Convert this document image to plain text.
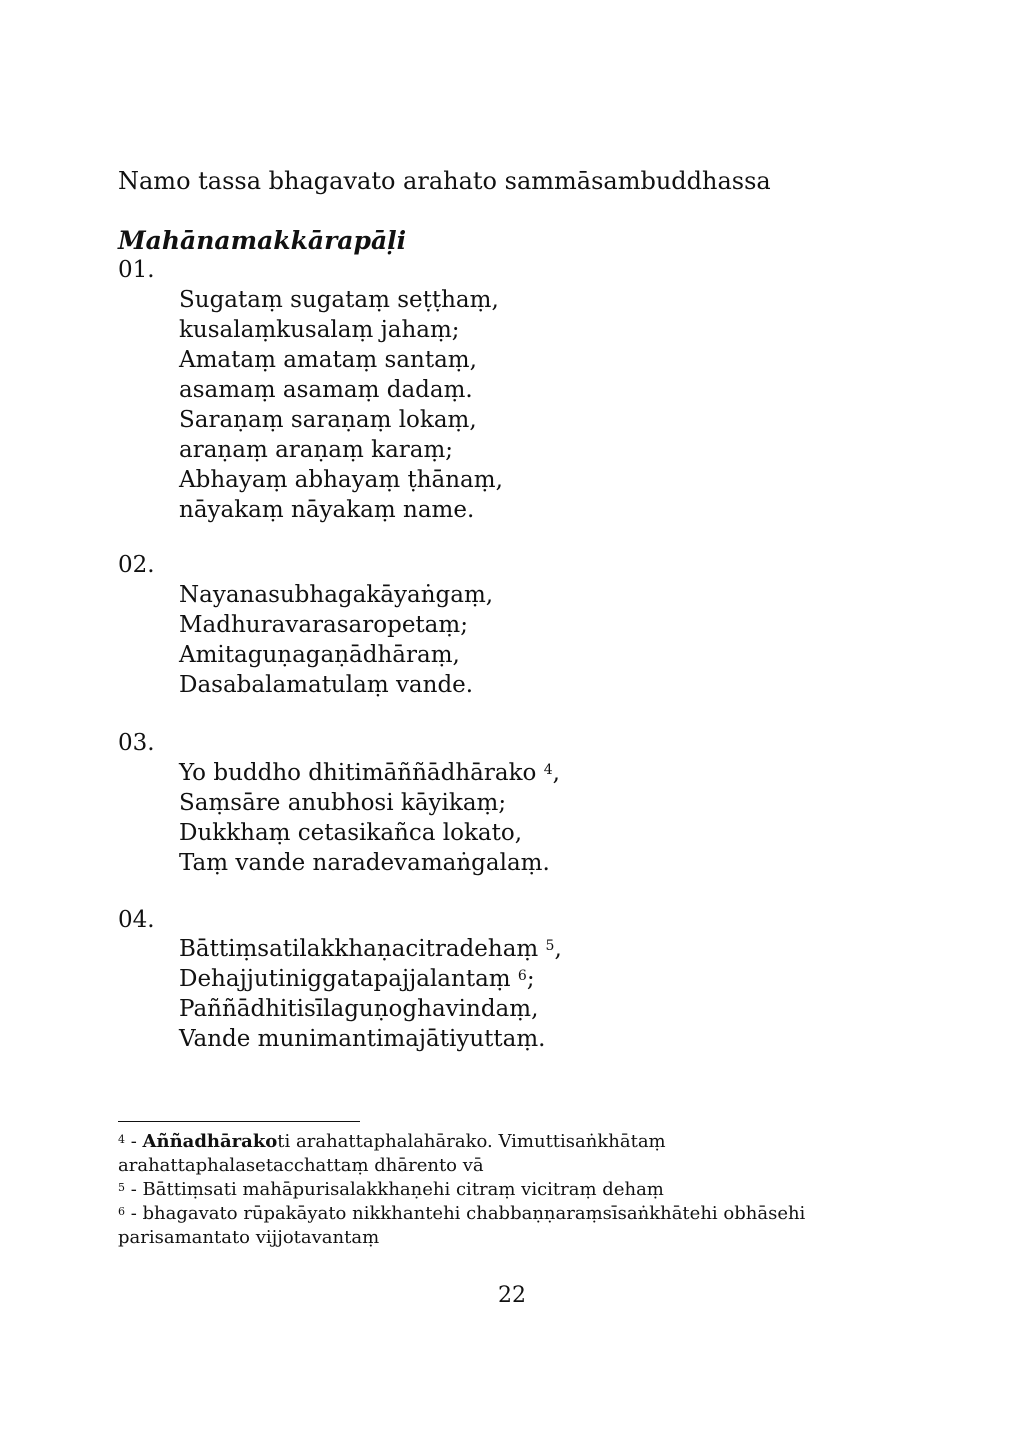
Namo tassa bhagavato arahato sammāsambuddhassa
Mahānamakkārapāḷi
01.
Sugataṃ sugataṃ seṭṭhaṃ,
kusalaṃkusalaṃ jahaṃ;
Amataṃ amataṃ santaṃ,
asamaṃ asamaṃ dadaṃ.
Saraṇaṃ saraṇaṃ lokaṃ,
araṇaṃ araṇaṃ karaṃ;
Abhayaṃ abhayaṃ ṭhānaṃ,
nāyakaṃ nāyakaṃ name.
02.
Nayanasubhagakāyaṅgaṃ,
Madhuravarasaropetaṃ;
Amitaguṇagaṇādhāraṃ,
Dasabalamatulaṃ vande.
03.
Yo buddho dhitimāññādhārako $^4$,
Saṃsāre anubhosi kāyikaṃ;
Dukkhaṃ cetasikañca lokato,
Taṃ vande naradevamaṅgalaṃ.
04.
Bāttiṃsatilakkhaṇacitradehaṃ $^5$,
Dehajjutiniggatapajjalantaṃ $^6$;
Paññādhitisīlaguṇoghavindaṃ,
Vande munimantimajātiyuttaṃ.

$^4$ - Aññadhārakoti arahattaphalahārako. Vimuttisaṅkhātaṃ arahattaphalasetacchattaṃ dhārento vā

$^5$ - Bāttiṃsati mahāpurisalakkhaṇehi citraṃ vicitraṃ dehaṃ

$^6$ - bhagavato rūpakāyato nikkhantehi chabbaṇṇaraṃsīsaṅkhātehi obhāsehi parisamantato vijjotavantaṃ

22
